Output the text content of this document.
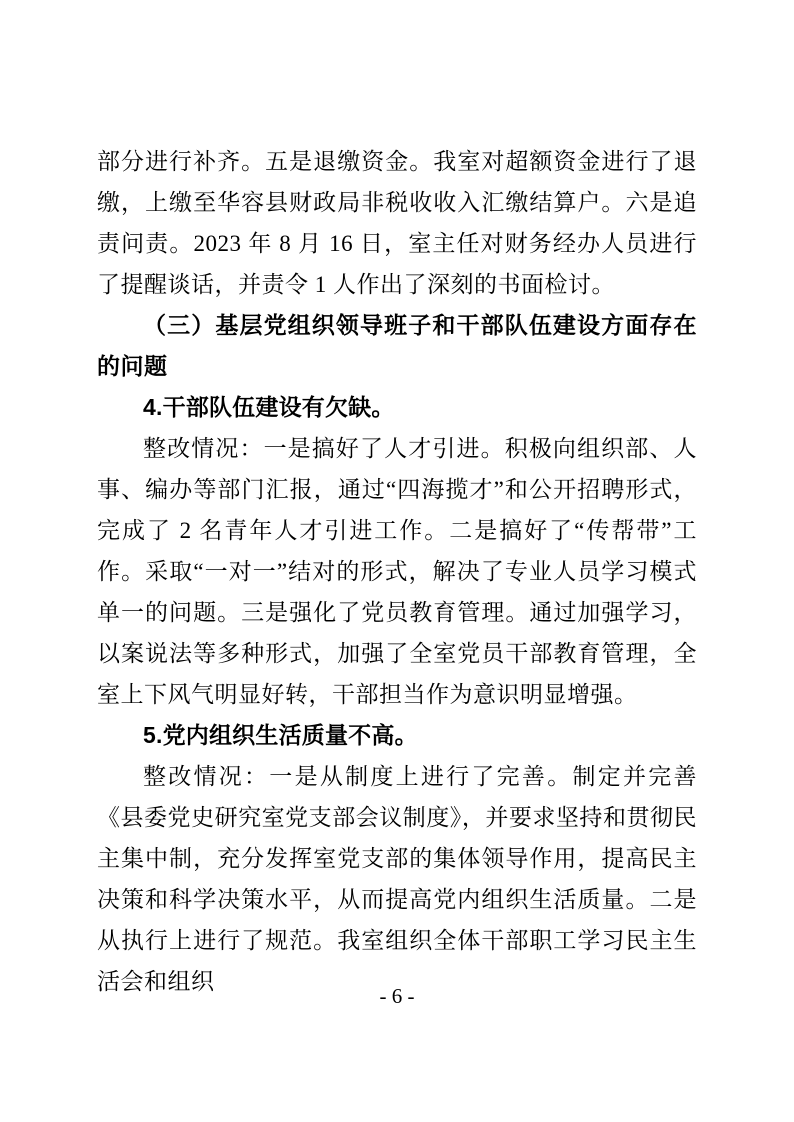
部分进行补齐。五是退缴资金。我室对超额资金进行了退缴，上缴至华容县财政局非税收收入汇缴结算户。六是追责问责。2023 年 8 月 16 日，室主任对财务经办人员进行了提醒谈话，并责令 1 人作出了深刻的书面检讨。

（三）基层党组织领导班子和干部队伍建设方面存在的问题

4.干部队伍建设有欠缺。

整改情况：一是搞好了人才引进。积极向组织部、人事、编办等部门汇报，通过“四海揽才”和公开招聘形式，完成了 2 名青年人才引进工作。二是搞好了“传帮带”工作。采取“一对一”结对的形式，解决了专业人员学习模式单一的问题。三是强化了党员教育管理。通过加强学习，以案说法等多种形式，加强了全室党员干部教育管理，全室上下风气明显好转，干部担当作为意识明显增强。

5.党内组织生活质量不高。

整改情况：一是从制度上进行了完善。制定并完善《县委党史研究室党支部会议制度》，并要求坚持和贯彻民主集中制，充分发挥室党支部的集体领导作用，提高民主决策和科学决策水平，从而提高党内组织生活质量。二是从执行上进行了规范。我室组织全体干部职工学习民主生活会和组织

- 6 -
